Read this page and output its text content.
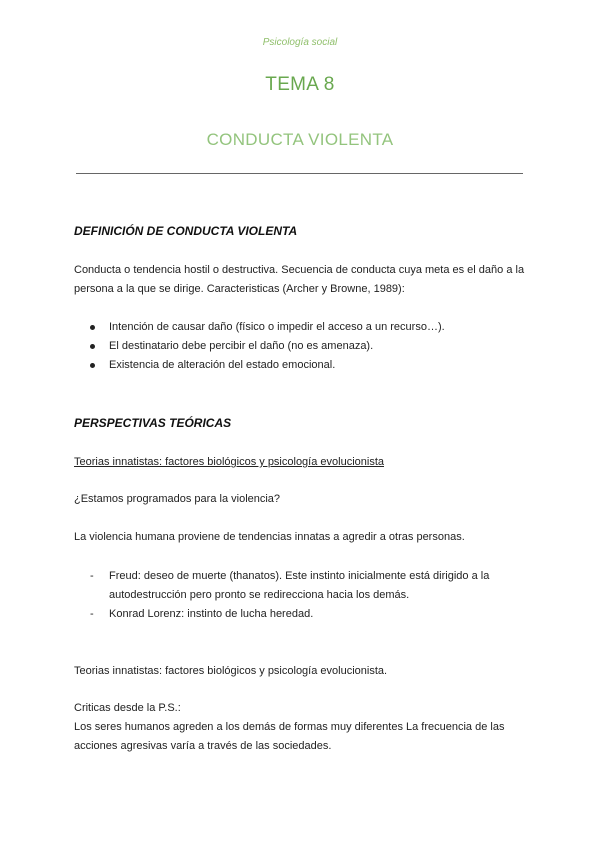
Psicología social
TEMA 8
CONDUCTA VIOLENTA
DEFINICIÓN DE CONDUCTA VIOLENTA
Conducta o tendencia hostil o destructiva. Secuencia de conducta cuya meta es el daño a la persona a la que se dirige. Caracteristicas (Archer y Browne, 1989):
Intención de causar daño (físico o impedir el acceso a un recurso…).
El destinatario debe percibir el daño (no es amenaza).
Existencia de alteración del estado emocional.
PERSPECTIVAS TEÓRICAS
Teorias innatistas: factores biológicos y psicología evolucionista
¿Estamos programados para la violencia?
La violencia humana proviene de tendencias innatas a agredir a otras personas.
- Freud: deseo de muerte (thanatos). Este instinto inicialmente está dirigido a la autodestrucción pero pronto se redirecciona hacia los demás.
- Konrad Lorenz: instinto de lucha heredad.
Teorias innatistas: factores biológicos y psicología evolucionista.
Criticas desde la P.S.:
Los seres humanos agreden a los demás de formas muy diferentes La frecuencia de las acciones agresivas varía a través de las sociedades.
